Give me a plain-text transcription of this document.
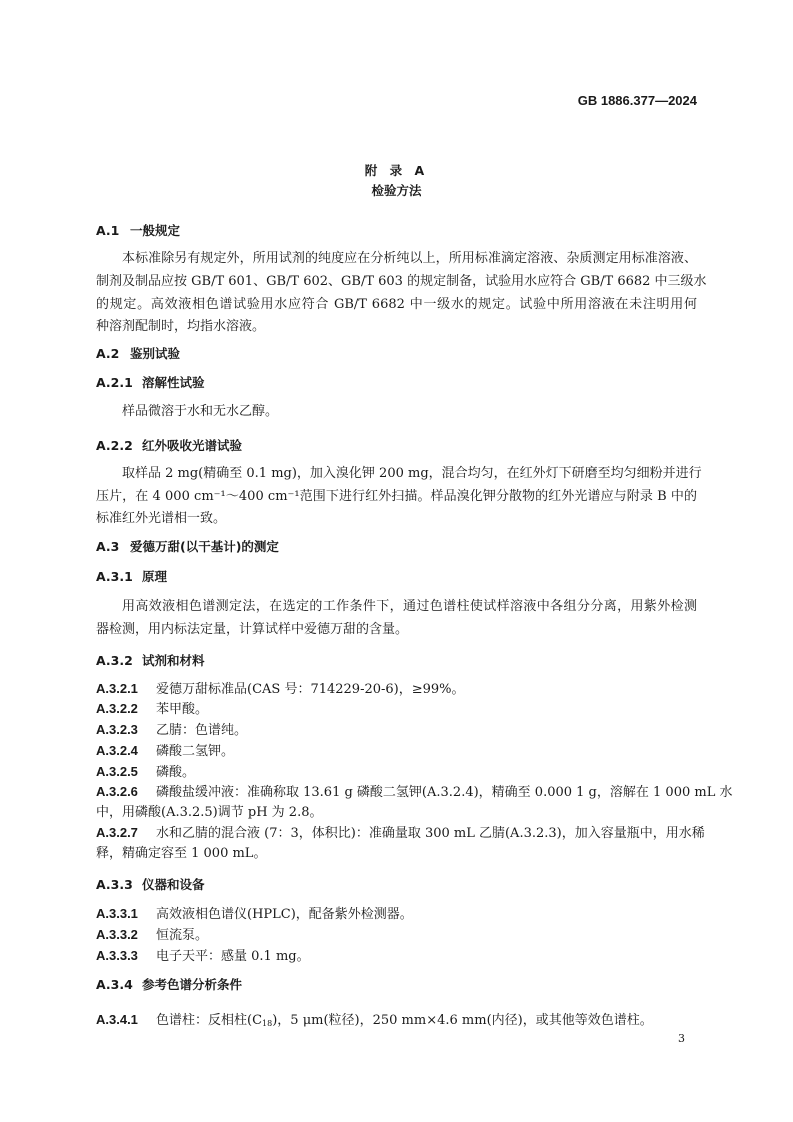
GB 1886.377—2024
附 录 A
检验方法
A.1 一般规定
本标准除另有规定外，所用试剂的纯度应在分析纯以上，所用标准滴定溶液、杂质测定用标准溶液、
制剂及制品应按 GB/T 601、GB/T 602、GB/T 603 的规定制备，试验用水应符合 GB/T 6682 中三级水
的规定。高效液相色谱试验用水应符合 GB/T 6682 中一级水的规定。试验中所用溶液在未注明用何
种溶剂配制时，均指水溶液。
A.2 鉴别试验
A.2.1 溶解性试验
样品微溶于水和无水乙醇。
A.2.2 红外吸收光谱试验
取样品 2 mg(精确至 0.1 mg)，加入溴化钾 200 mg，混合均匀，在红外灯下研磨至均匀细粉并进行
压片，在 4 000 cm⁻¹～400 cm⁻¹范围下进行红外扫描。样品溴化钾分散物的红外光谱应与附录 B 中的
标准红外光谱相一致。
A.3 爱德万甜(以干基计)的测定
A.3.1 原理
用高效液相色谱测定法，在选定的工作条件下，通过色谱柱使试样溶液中各组分分离，用紫外检测
器检测，用内标法定量，计算试样中爱德万甜的含量。
A.3.2 试剂和材料
A.3.2.1 爱德万甜标准品(CAS 号：714229-20-6)，≥99%。
A.3.2.2 苯甲酸。
A.3.2.3 乙腈：色谱纯。
A.3.2.4 磷酸二氢钾。
A.3.2.5 磷酸。
A.3.2.6 磷酸盐缓冲液：准确称取 13.61 g 磷酸二氢钾(A.3.2.4)，精确至 0.000 1 g，溶解在 1 000 mL 水
中，用磷酸(A.3.2.5)调节 pH 为 2.8。
A.3.2.7 水和乙腈的混合液 (7：3，体积比)：准确量取 300 mL 乙腈(A.3.2.3)，加入容量瓶中，用水稀
释，精确定容至 1 000 mL。
A.3.3 仪器和设备
A.3.3.1 高效液相色谱仪(HPLC)，配备紫外检测器。
A.3.3.2 恒流泵。
A.3.3.3 电子天平：感量 0.1 mg。
A.3.4 参考色谱分析条件
A.3.4.1 色谱柱：反相柱$(C_{18})$，5 μm(粒径)，250 mm×4.6 mm(内径)，或其他等效色谱柱。
3
